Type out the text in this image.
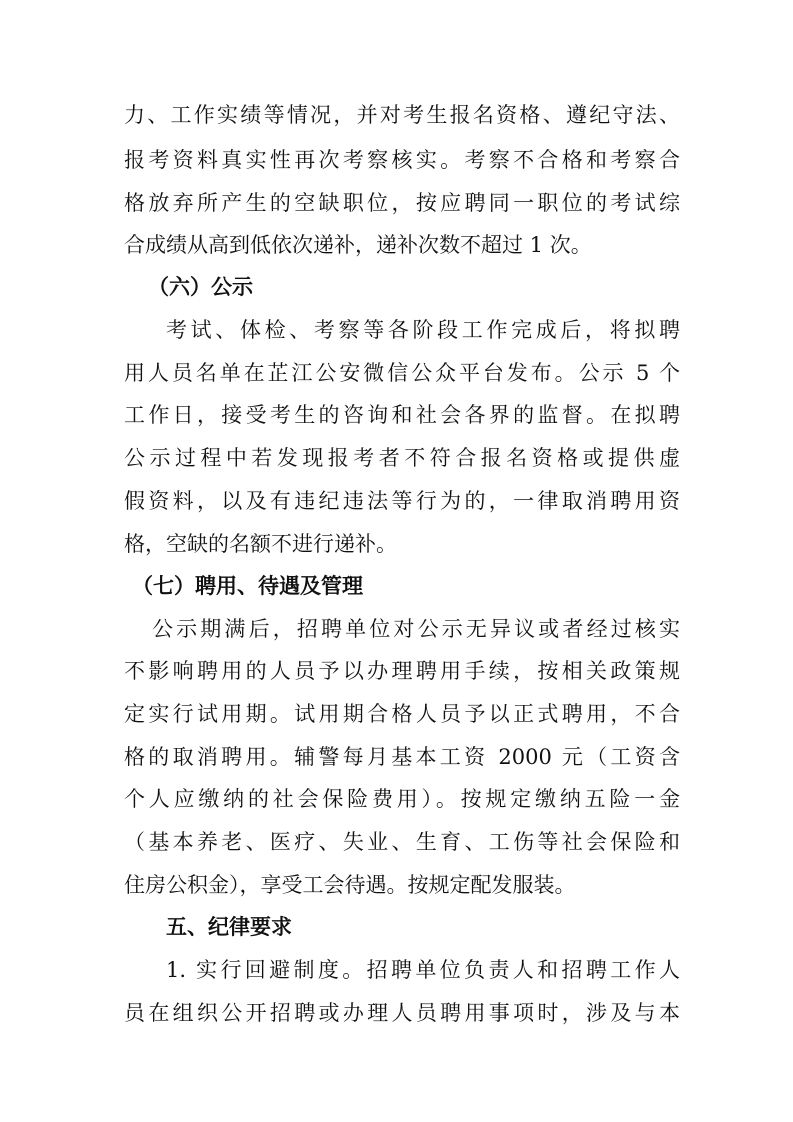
力、工作实绩等情况，并对考生报名资格、遵纪守法、
报考资料真实性再次考察核实。考察不合格和考察合
格放弃所产生的空缺职位，按应聘同一职位的考试综
合成绩从高到低依次递补，递补次数不超过 1 次。
（六）公示
考试、体检、考察等各阶段工作完成后，将拟聘
用人员名单在芷江公安微信公众平台发布。公示 5 个
工作日，接受考生的咨询和社会各界的监督。在拟聘
公示过程中若发现报考者不符合报名资格或提供虚
假资料，以及有违纪违法等行为的，一律取消聘用资
格，空缺的名额不进行递补。
（七）聘用、待遇及管理
公示期满后，招聘单位对公示无异议或者经过核实
不影响聘用的人员予以办理聘用手续，按相关政策规
定实行试用期。试用期合格人员予以正式聘用，不合
格的取消聘用。辅警每月基本工资 2000 元（工资含
个人应缴纳的社会保险费用）。按规定缴纳五险一金
（基本养老、医疗、失业、生育、工伤等社会保险和
住房公积金），享受工会待遇。按规定配发服装。
五、纪律要求
1. 实行回避制度。招聘单位负责人和招聘工作人
员在组织公开招聘或办理人员聘用事项时，涉及与本
